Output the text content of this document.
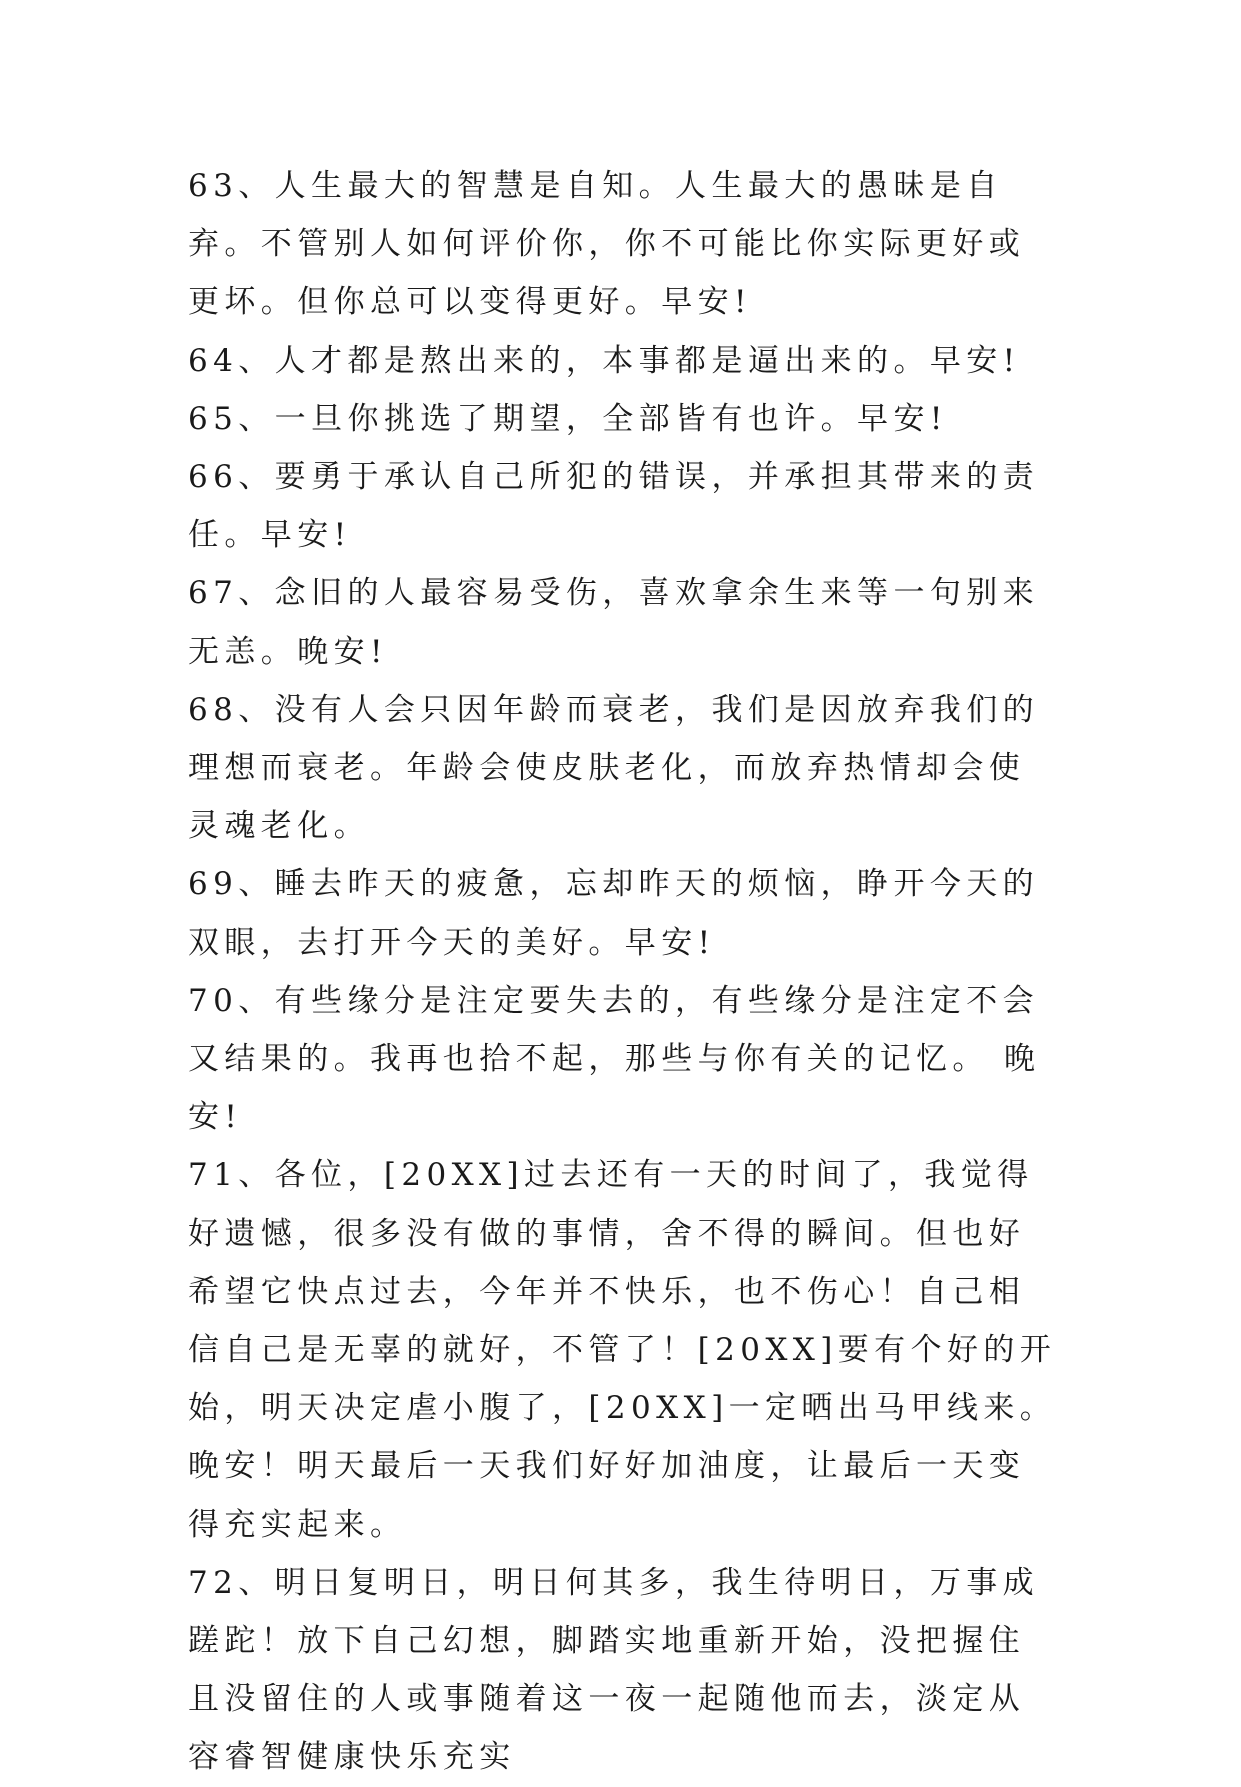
63、人生最大的智慧是自知。人生最大的愚昧是自弃。不管别人如何评价你，你不可能比你实际更好或更坏。但你总可以变得更好。早安!

64、人才都是熬出来的，本事都是逼出来的。早安!

65、一旦你挑选了期望，全部皆有也许。早安!

66、要勇于承认自己所犯的错误，并承担其带来的责任。早安!

67、念旧的人最容易受伤，喜欢拿余生来等一句别来无恙。晚安!

68、没有人会只因年龄而衰老，我们是因放弃我们的理想而衰老。年龄会使皮肤老化，而放弃热情却会使灵魂老化。

69、睡去昨天的疲惫，忘却昨天的烦恼，睁开今天的双眼，去打开今天的美好。早安!

70、有些缘分是注定要失去的，有些缘分是注定不会又结果的。我再也拾不起，那些与你有关的记忆。 晚安!

71、各位，[20XX]过去还有一天的时间了，我觉得好遗憾，很多没有做的事情，舍不得的瞬间。但也好希望它快点过去，今年并不快乐，也不伤心！自己相信自己是无辜的就好，不管了！[20XX]要有个好的开始，明天决定虐小腹了，[20XX]一定晒出马甲线来。晚安！明天最后一天我们好好加油度，让最后一天变得充实起来。

72、明日复明日，明日何其多，我生待明日，万事成蹉跎！放下自己幻想，脚踏实地重新开始，没把握住且没留住的人或事随着这一夜一起随他而去，淡定从容睿智健康快乐充实
